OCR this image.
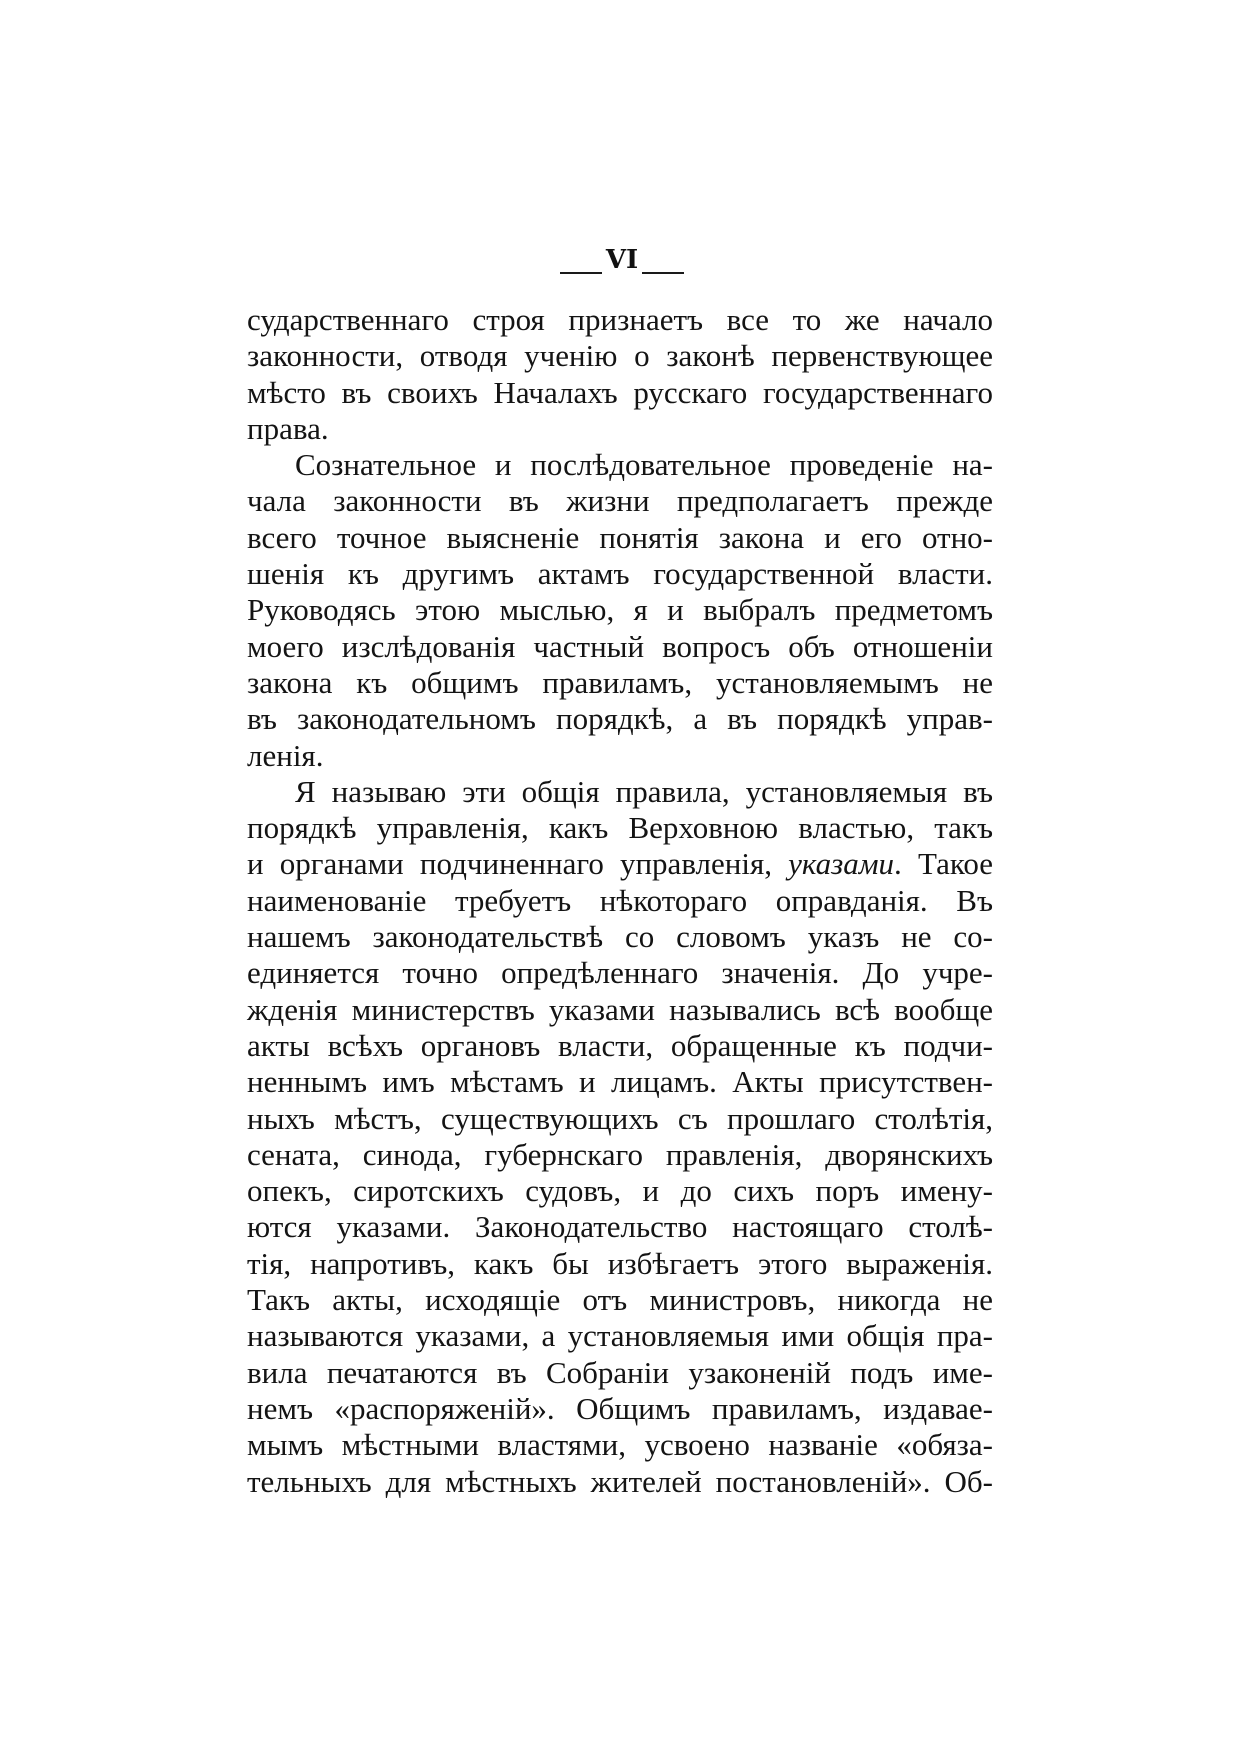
VI
сударственнаго строя признаетъ все то же начало
законности, отводя ученію о законѣ первенствующее
мѣсто въ своихъ Началахъ русскаго государственнаго
права.
Сознательное и послѣдовательное проведеніе на-
чала законности въ жизни предполагаетъ прежде
всего точное выясненіе понятія закона и его отно-
шенія къ другимъ актамъ государственной власти.
Руководясь этою мыслью, я и выбралъ предметомъ
моего изслѣдованія частный вопросъ объ отношеніи
закона къ общимъ правиламъ, установляемымъ не
въ законодательномъ порядкѣ, а въ порядкѣ управ-
ленія.
Я называю эти общія правила, установляемыя въ
порядкѣ управленія, какъ Верховною властью, такъ
и органами подчиненнаго управленія, указами. Такое
наименованіе требуетъ нѣкотораго оправданія. Въ
нашемъ законодательствѣ со словомъ указъ не со-
единяется точно опредѣленнаго значенія. До учре-
жденія министерствъ указами назывались всѣ вообще
акты всѣхъ органовъ власти, обращенные къ подчи-
неннымъ имъ мѣстамъ и лицамъ. Акты присутствен-
ныхъ мѣстъ, существующихъ съ прошлаго столѣтія,
сената, синода, губернскаго правленія, дворянскихъ
опекъ, сиротскихъ судовъ, и до сихъ поръ имену-
ются указами. Законодательство настоящаго столѣ-
тія, напротивъ, какъ бы избѣгаетъ этого выраженія.
Такъ акты, исходящіе отъ министровъ, никогда не
называются указами, а установляемыя ими общія пра-
вила печатаются въ Собраніи узаконеній подъ име-
немъ «распоряженій». Общимъ правиламъ, издавае-
мымъ мѣстными властями, усвоено названіе «обяза-
тельныхъ для мѣстныхъ жителей постановленій». Об-
